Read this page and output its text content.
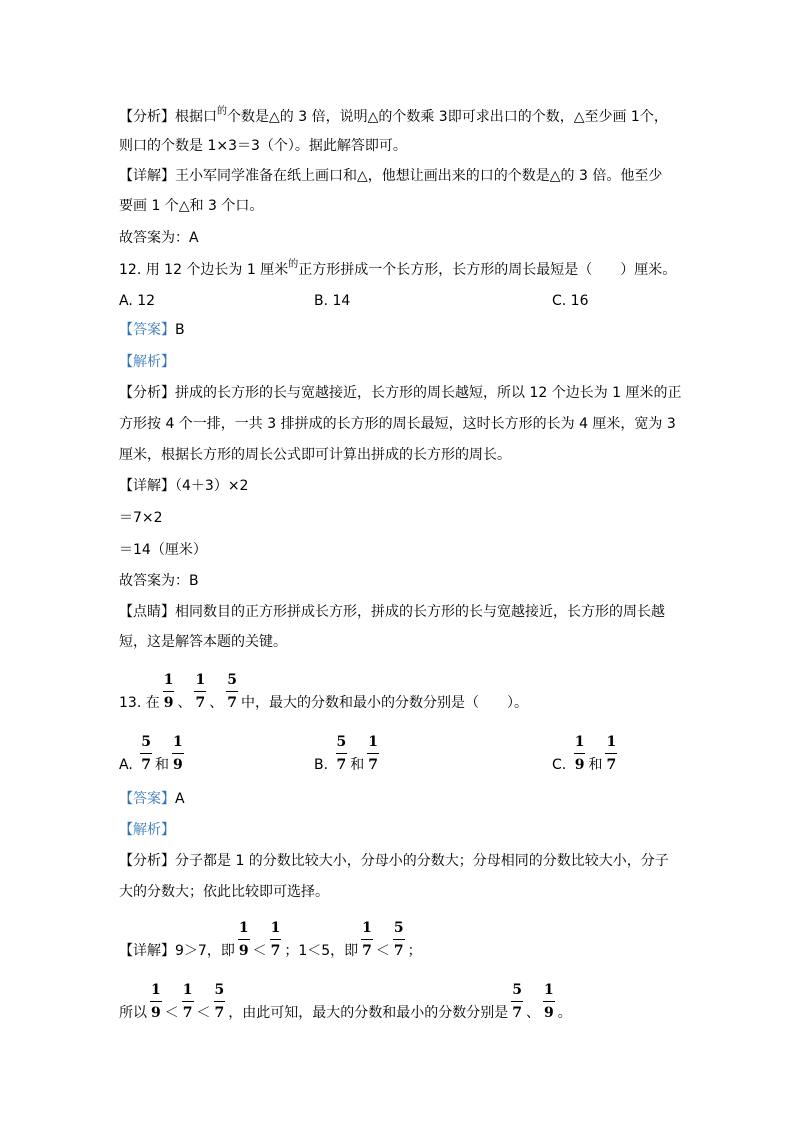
【分析】根据口$^的$个数是△的 3 倍，说明△的个数乘 3即可求出口的个数，△至少画 1个，
则口的个数是 1×3＝3（个）。据此解答即可。
【详解】王小军同学准备在纸上画口和△，他想让画出来的口的个数是△的 3 倍。他至少
要画 1 个△和 3 个口。
故答案为：A
12. 用 12 个边长为 1 厘米$^的$正方形拼成一个长方形，长方形的周长最短是（　　）厘米。
A. 12	B. 14	C. 16
【答案】B
【解析】
【分析】拼成的长方形的长与宽越接近，长方形的周长越短，所以 12 个边长为 1 厘米的正
方形按 4 个一排，一共 3 排拼成的长方形的周长最短，这时长方形的长为 4 厘米，宽为 3
厘米，根据长方形的周长公式即可计算出拼成的长方形的周长。
【详解】（4＋3）×2
＝7×2
＝14（厘米）
故答案为：B
【点睛】相同数目的正方形拼成长方形，拼成的长方形的长与宽越接近，长方形的周长越
短，这是解答本题的关键。
13. 在 $\frac{1}{9}$ 、 $\frac{1}{7}$ 、 $\frac{5}{7}$ 中，最大的分数和最小的分数分别是（　　）。
A. $\frac{5}{7}$ 和 $\frac{1}{9}$	B. $\frac{5}{7}$ 和 $\frac{1}{7}$	C. $\frac{1}{9}$ 和 $\frac{1}{7}$
【答案】A
【解析】
【分析】分子都是 1 的分数比较大小，分母小的分数大；分母相同的分数比较大小，分子
大的分数大；依此比较即可选择。
【详解】9＞7，即 $\frac{1}{9} < \frac{1}{7}$ ；1＜5，即 $\frac{1}{7} < \frac{5}{7}$ ；
所以 $\frac{1}{9} < \frac{1}{7} < \frac{5}{7}$ ，由此可知，最大的分数和最小的分数分别是 $\frac{5}{7}$ 、 $\frac{1}{9}$ 。
